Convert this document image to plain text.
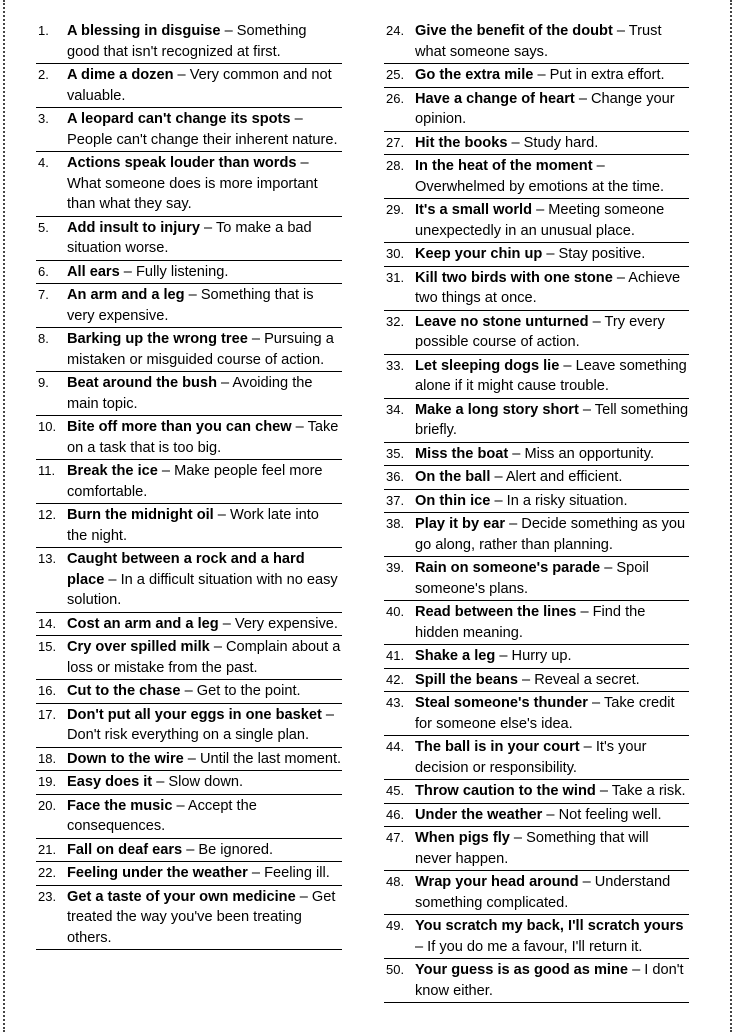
1.	A blessing in disguise – Something good that isn't recognized at first.
2.	A dime a dozen – Very common and not valuable.
3.	A leopard can't change its spots – People can't change their inherent nature.
4.	Actions speak louder than words – What someone does is more important than what they say.
5.	Add insult to injury – To make a bad situation worse.
6.	All ears – Fully listening.
7.	An arm and a leg – Something that is very expensive.
8.	Barking up the wrong tree – Pursuing a mistaken or misguided course of action.
9.	Beat around the bush – Avoiding the main topic.
10. Bite off more than you can chew – Take on a task that is too big.
11. Break the ice – Make people feel more comfortable.
12. Burn the midnight oil – Work late into the night.
13. Caught between a rock and a hard place – In a difficult situation with no easy solution.
14. Cost an arm and a leg – Very expensive.
15. Cry over spilled milk – Complain about a loss or mistake from the past.
16. Cut to the chase – Get to the point.
17. Don't put all your eggs in one basket – Don't risk everything on a single plan.
18. Down to the wire – Until the last moment.
19. Easy does it – Slow down.
20. Face the music – Accept the consequences.
21. Fall on deaf ears – Be ignored.
22. Feeling under the weather – Feeling ill.
23. Get a taste of your own medicine – Get treated the way you've been treating others.
24. Give the benefit of the doubt – Trust what someone says.
25. Go the extra mile – Put in extra effort.
26. Have a change of heart – Change your opinion.
27. Hit the books – Study hard.
28. In the heat of the moment – Overwhelmed by emotions at the time.
29. It's a small world – Meeting someone unexpectedly in an unusual place.
30. Keep your chin up – Stay positive.
31. Kill two birds with one stone – Achieve two things at once.
32. Leave no stone unturned – Try every possible course of action.
33. Let sleeping dogs lie – Leave something alone if it might cause trouble.
34. Make a long story short – Tell something briefly.
35. Miss the boat – Miss an opportunity.
36. On the ball – Alert and efficient.
37. On thin ice – In a risky situation.
38. Play it by ear – Decide something as you go along, rather than planning.
39. Rain on someone's parade – Spoil someone's plans.
40. Read between the lines – Find the hidden meaning.
41. Shake a leg – Hurry up.
42. Spill the beans – Reveal a secret.
43. Steal someone's thunder – Take credit for someone else's idea.
44. The ball is in your court – It's your decision or responsibility.
45. Throw caution to the wind – Take a risk.
46. Under the weather – Not feeling well.
47. When pigs fly – Something that will never happen.
48. Wrap your head around – Understand something complicated.
49. You scratch my back, I'll scratch yours – If you do me a favour, I'll return it.
50. Your guess is as good as mine – I don't know either.
